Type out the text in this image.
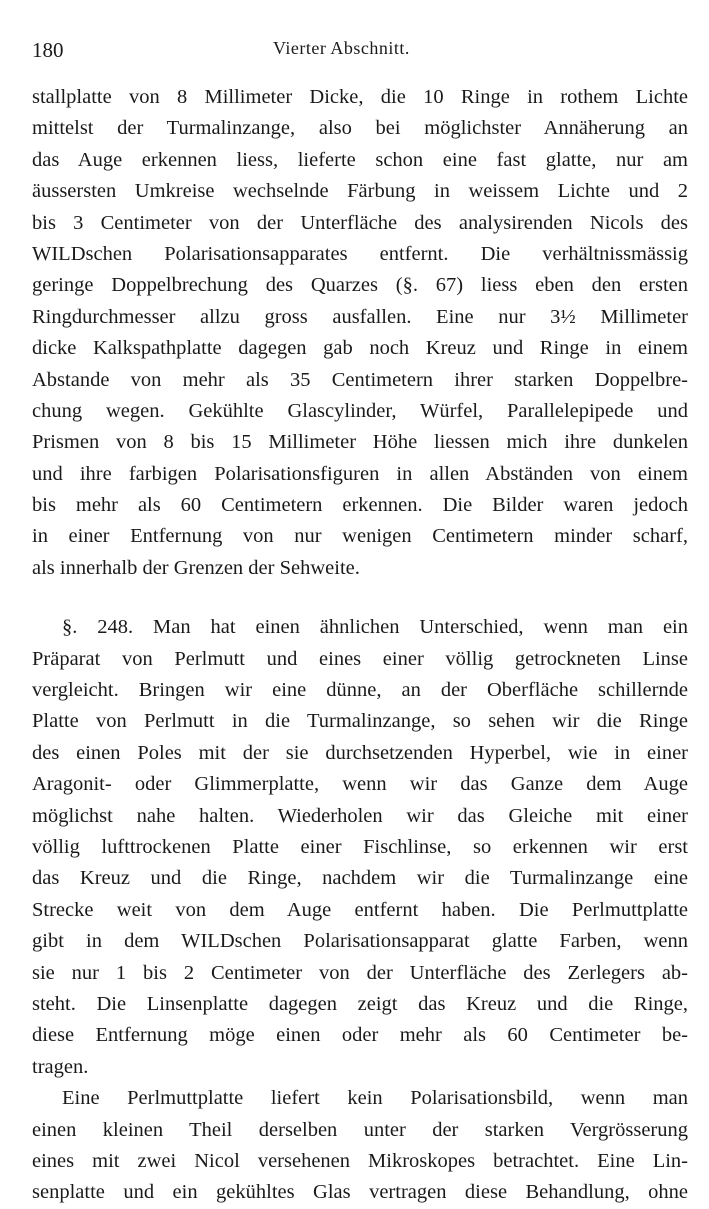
180	Vierter Abschnitt.
stallplatte von 8 Millimeter Dicke, die 10 Ringe in rothem Lichte
mittelst der Turmalinzange, also bei möglichster Annäherung an
das Auge erkennen liess, lieferte schon eine fast glatte, nur am
äussersten Umkreise wechselnde Färbung in weissem Lichte und 2
bis 3 Centimeter von der Unterfläche des analysirenden Nicols des
WILDschen Polarisationsapparates entfernt. Die verhältnissmässig
geringe Doppelbrechung des Quarzes (§. 67) liess eben den ersten
Ringdurchmesser allzu gross ausfallen. Eine nur 3½ Millimeter
dicke Kalkspathplatte dagegen gab noch Kreuz und Ringe in einem
Abstande von mehr als 35 Centimetern ihrer starken Doppelbre-
chung wegen. Gekühlte Glascylinder, Würfel, Parallelepipede und
Prismen von 8 bis 15 Millimeter Höhe liessen mich ihre dunkelen
und ihre farbigen Polarisationsfiguren in allen Abständen von einem
bis mehr als 60 Centimetern erkennen. Die Bilder waren jedoch
in einer Entfernung von nur wenigen Centimetern minder scharf,
als innerhalb der Grenzen der Sehweite.
§. 248. Man hat einen ähnlichen Unterschied, wenn man ein
Präparat von Perlmutt und eines einer völlig getrockneten Linse
vergleicht. Bringen wir eine dünne, an der Oberfläche schillernde
Platte von Perlmutt in die Turmalinzange, so sehen wir die Ringe
des einen Poles mit der sie durchsetzenden Hyperbel, wie in einer
Aragonit- oder Glimmerplatte, wenn wir das Ganze dem Auge
möglichst nahe halten. Wiederholen wir das Gleiche mit einer
völlig lufttrockenen Platte einer Fischlinse, so erkennen wir erst
das Kreuz und die Ringe, nachdem wir die Turmalinzange eine
Strecke weit von dem Auge entfernt haben. Die Perlmuttplatte
gibt in dem WILDschen Polarisationsapparat glatte Farben, wenn
sie nur 1 bis 2 Centimeter von der Unterfläche des Zerlegers ab-
steht. Die Linsenplatte dagegen zeigt das Kreuz und die Ringe,
diese Entfernung möge einen oder mehr als 60 Centimeter be-
tragen.
Eine Perlmuttplatte liefert kein Polarisationsbild, wenn man
einen kleinen Theil derselben unter der starken Vergrösserung
eines mit zwei Nicol versehenen Mikroskopes betrachtet. Eine Lin-
senplatte und ein gekühltes Glas vertragen diese Behandlung, ohne
